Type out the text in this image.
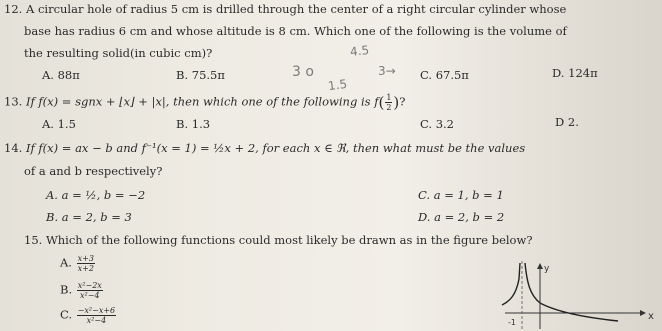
12. A circular hole of radius 5 cm is drilled through the center of a right circular cylinder whose
base has radius 6 cm and whose altitude is 8 cm. Which one of the following is the volume of
the resulting solid(in cubic cm)?
A. 88π	B. 75.5π	C. 67.5π	D. 124π
13. If f(x) = sgnx + ⌊x⌋ + |x|, then which one of the following is $f( \frac{1}{2}$ )?
A. 1.5	B. 1.3	C. 3.2	D 2.
14. If f(x) = ax − b and f⁻¹(x = 1) = ½x + 2, for each x ∈ ℜ, then what must be the values
of a and b respectively?
A. a = ½, b = −2	C. a = 1, b = 1
B. a = 2, b = 3	D. a = 2, b = 2
15. Which of the following functions could most likely be drawn as in the figure below?
A. $\frac{x+3}{x+2}$
B. $\frac{\text{x²−2x}}{\text{x²−4}}$
C. $\frac{\text{−x²−x+6}}{\text{x²−4}}$	x
y
-1
4.5
3 o	3→
1.5
